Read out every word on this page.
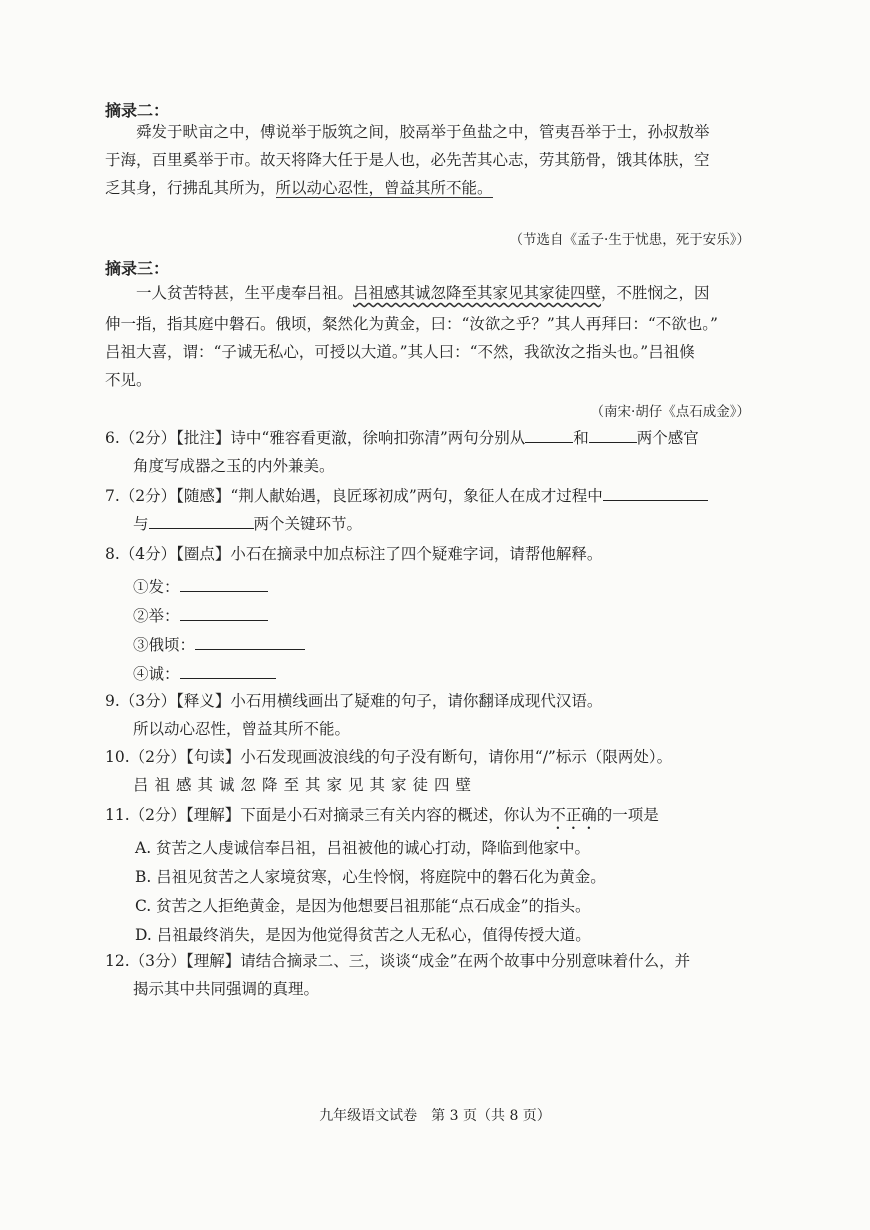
摘录二：
舜发于畎亩之中，傅说举于版筑之间，胶鬲举于鱼盐之中，管夷吾举于士，孙叔敖举
于海，百里奚举于市。故天将降大任于是人也，必先苦其心志，劳其筋骨，饿其体肤，空
乏其身，行拂乱其所为，所以动心忍性，曾益其所不能。
（节选自《孟子·生于忧患，死于安乐》）
摘录三：
一人贫苦特甚，生平虔奉吕祖。吕祖感其诚忽降至其家见其家徒四壁，不胜悯之，因
伸一指，指其庭中磐石。俄顷，粲然化为黄金，曰：“汝欲之乎？”其人再拜曰：“不欲也。”
吕祖大喜，谓：“子诚无私心，可授以大道。”其人曰：“不然，我欲汝之指头也。”吕祖倏
不见。
（南宋·胡仔《点石成金》）
6.（2分）【批注】诗中“雅容看更澈，徐响扣弥清”两句分别从	和	两个感官
角度写成器之玉的内外兼美。
7.（2分）【随感】“荆人献始遇，良匠琢初成”两句，象征人在成才过程中
与	两个关键环节。
8.（4分）【圈点】小石在摘录中加点标注了四个疑难字词，请帮他解释。
①发：
②举：
③俄顷：
④诚：
9.（3分）【释义】小石用横线画出了疑难的句子，请你翻译成现代汉语。
所以动心忍性，曾益其所不能。
10.（2分）【句读】小石发现画波浪线的句子没有断句，请你用“/”标示（限两处）。
吕祖感其诚忽降至其家见其家徒四壁
11.（2分）【理解】下面是小石对摘录三有关内容的概述，你认为不正确的一项是
A. 贫苦之人虔诚信奉吕祖，吕祖被他的诚心打动，降临到他家中。
B. 吕祖见贫苦之人家境贫寒，心生怜悯，将庭院中的磐石化为黄金。
C. 贫苦之人拒绝黄金，是因为他想要吕祖那能“点石成金”的指头。
D. 吕祖最终消失，是因为他觉得贫苦之人无私心，值得传授大道。
12.（3分）【理解】请结合摘录二、三，谈谈“成金”在两个故事中分别意味着什么，并
揭示其中共同强调的真理。
九年级语文试卷　第 3 页（共 8 页）
